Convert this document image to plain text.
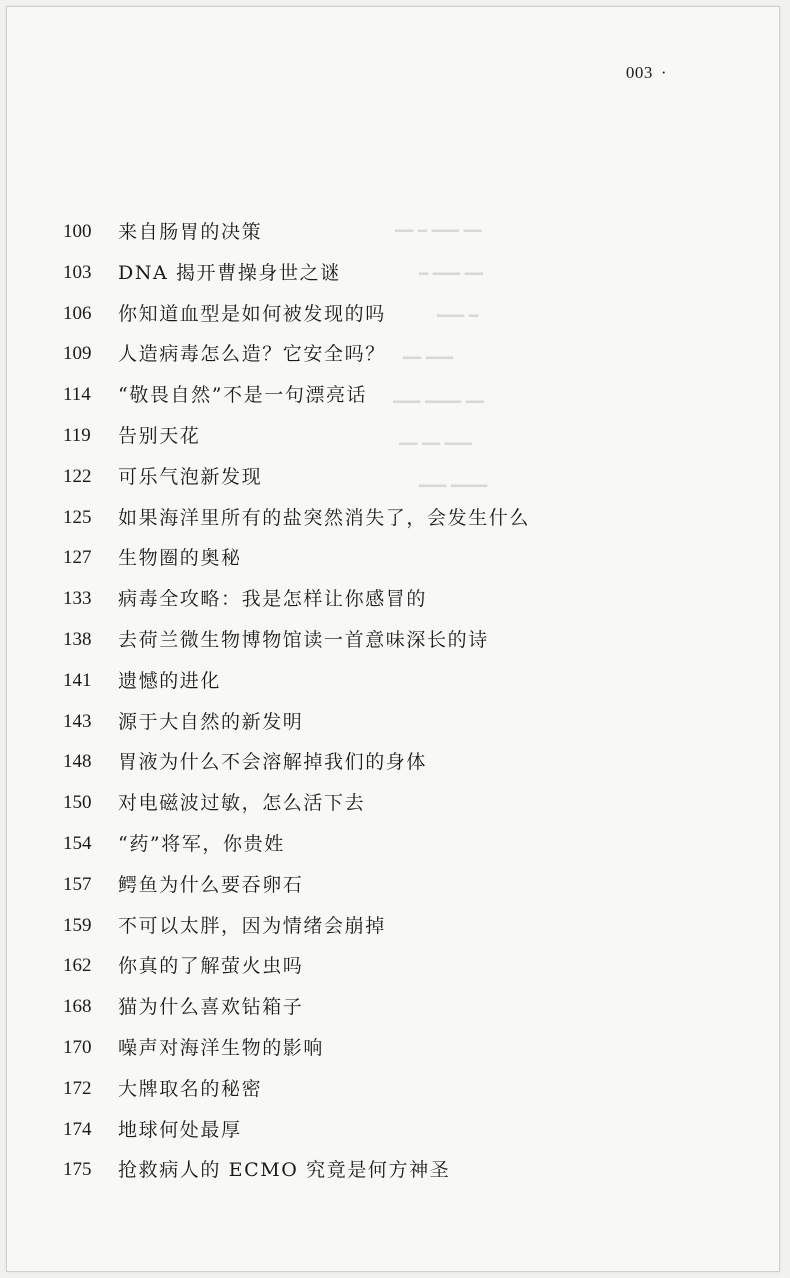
━━ ━ ━━━ ━━
━ ━━━ ━━
━━━ ━
━━ ━━━
━━━ ━━━━ ━━
━━ ━━ ━━━
━━━ ━━━━
003 ·
100	来自肠胃的决策
103	DNA 揭开曹操身世之谜
106	你知道血型是如何被发现的吗
109	人造病毒怎么造？它安全吗？
114	“敬畏自然”不是一句漂亮话
119	告别天花
122	可乐气泡新发现
125	如果海洋里所有的盐突然消失了，会发生什么
127	生物圈的奥秘
133	病毒全攻略：我是怎样让你感冒的
138	去荷兰微生物博物馆读一首意味深长的诗
141	遗憾的进化
143	源于大自然的新发明
148	胃液为什么不会溶解掉我们的身体
150	对电磁波过敏，怎么活下去
154	“药”将军，你贵姓
157	鳄鱼为什么要吞卵石
159	不可以太胖，因为情绪会崩掉
162	你真的了解萤火虫吗
168	猫为什么喜欢钻箱子
170	噪声对海洋生物的影响
172	大牌取名的秘密
174	地球何处最厚
175	抢救病人的 ECMO 究竟是何方神圣
